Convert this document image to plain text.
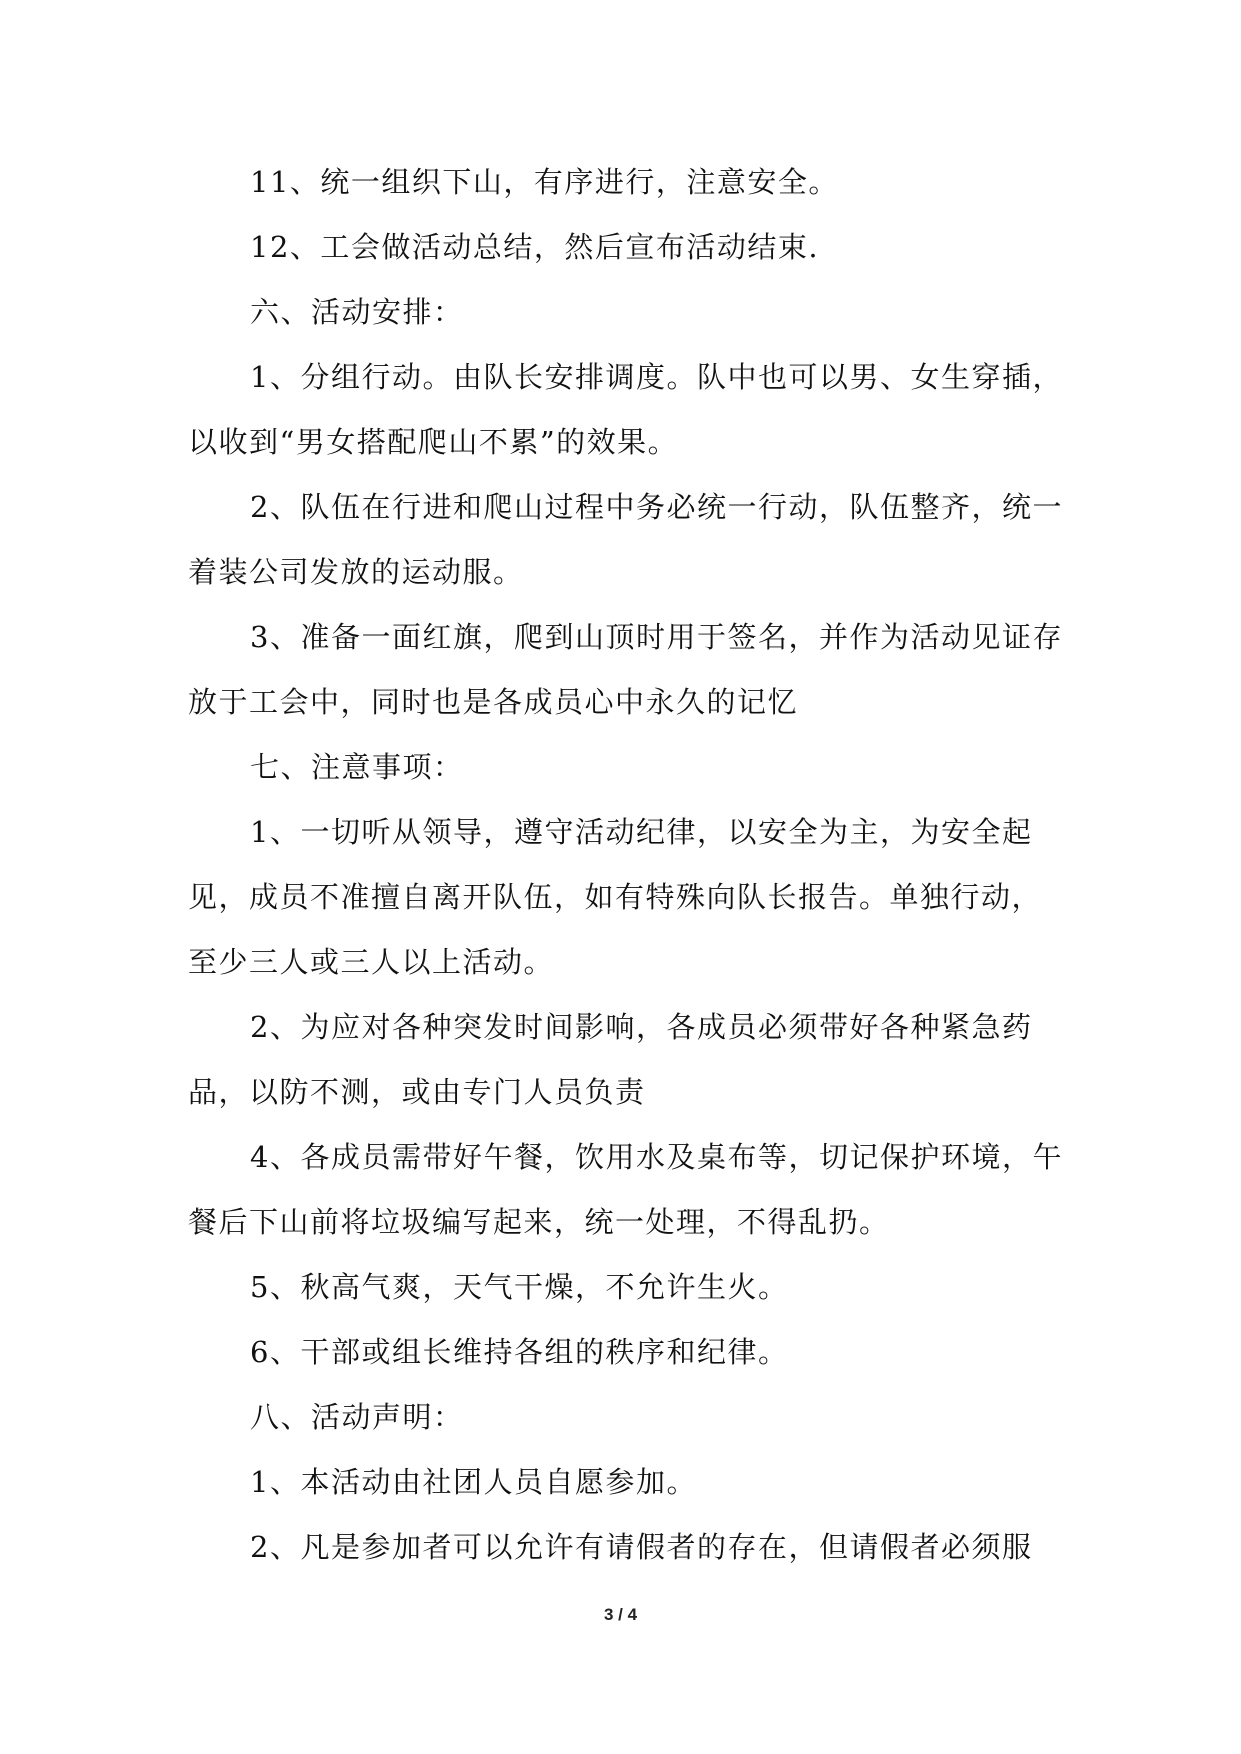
11、统一组织下山，有序进行，注意安全。

12、工会做活动总结，然后宣布活动结束.

六、活动安排：

1、分组行动。由队长安排调度。队中也可以男、女生穿插，以收到“男女搭配爬山不累”的效果。

2、队伍在行进和爬山过程中务必统一行动，队伍整齐，统一着装公司发放的运动服。

3、准备一面红旗，爬到山顶时用于签名，并作为活动见证存放于工会中，同时也是各成员心中永久的记忆

七、注意事项：

1、一切听从领导，遵守活动纪律，以安全为主，为安全起见，成员不准擅自离开队伍，如有特殊向队长报告。单独行动，至少三人或三人以上活动。

2、为应对各种突发时间影响，各成员必须带好各种紧急药品，以防不测，或由专门人员负责

4、各成员需带好午餐，饮用水及桌布等，切记保护环境，午餐后下山前将垃圾编写起来，统一处理，不得乱扔。

5、秋高气爽，天气干燥，不允许生火。

6、干部或组长维持各组的秩序和纪律。

八、活动声明：

1、本活动由社团人员自愿参加。

2、凡是参加者可以允许有请假者的存在，但请假者必须服

3 / 4
